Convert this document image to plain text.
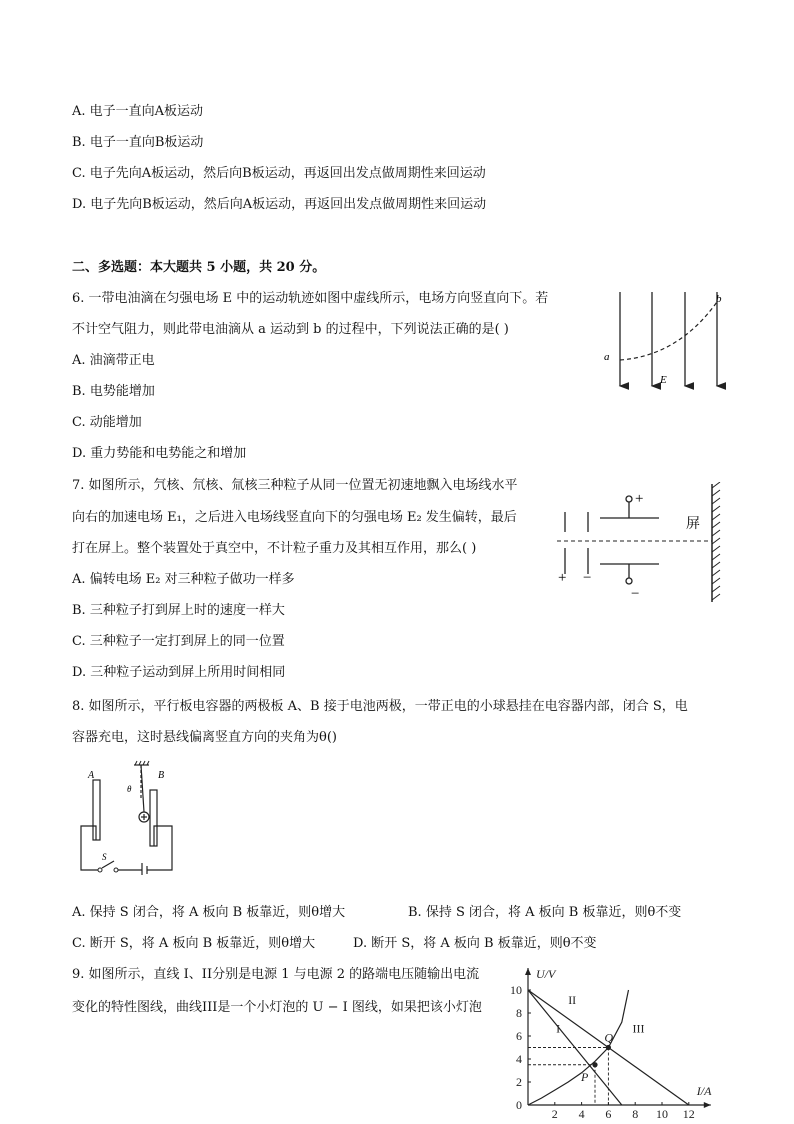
A. 电子一直向A板运动
B. 电子一直向B板运动
C. 电子先向A板运动，然后向B板运动，再返回出发点做周期性来回运动
D. 电子先向B板运动，然后向A板运动，再返回出发点做周期性来回运动
二、多选题：本大题共 5 小题，共 20 分。
6. 一带电油滴在匀强电场 E 中的运动轨迹如图中虚线所示，电场方向竖直向下。若
不计空气阻力，则此带电油滴从 a 运动到 b 的过程中，下列说法正确的是( )
A. 油滴带正电
B. 电势能增加
C. 动能增加
D. 重力势能和电势能之和增加
a
b
E
7. 如图所示，氕核、氘核、氚核三种粒子从同一位置无初速地飘入电场线水平
向右的加速电场 E₁，之后进入电场线竖直向下的匀强电场 E₂ 发生偏转，最后
打在屏上。整个装置处于真空中，不计粒子重力及其相互作用，那么( )
A. 偏转电场 E₂ 对三种粒子做功一样多
B. 三种粒子打到屏上时的速度一样大
C. 三种粒子一定打到屏上的同一位置
D. 三种粒子运动到屏上所用时间相同
+
−
+ −
屏
8. 如图所示，平行板电容器的两极板 A、B 接于电池两极，一带正电的小球悬挂在电容器内部，闭合 S，电
容器充电，这时悬线偏离竖直方向的夹角为θ()
A	B
S
θ
A. 保持 S 闭合，将 A 板向 B 板靠近，则θ增大	B. 保持 S 闭合，将 A 板向 B 板靠近，则θ不变
C. 断开 S，将 A 板向 B 板靠近，则θ增大	D. 断开 S，将 A 板向 B 板靠近，则θ不变
9. 如图所示，直线 I、II分别是电源 1 与电源 2 的路端电压随输出电流
变化的特性图线，曲线III是一个小灯泡的 U − I 图线，如果把该小灯泡
U/V
I/A
2 4 6 8 10 12
0
2
4
6
8
10
I
II
III
P
Q
